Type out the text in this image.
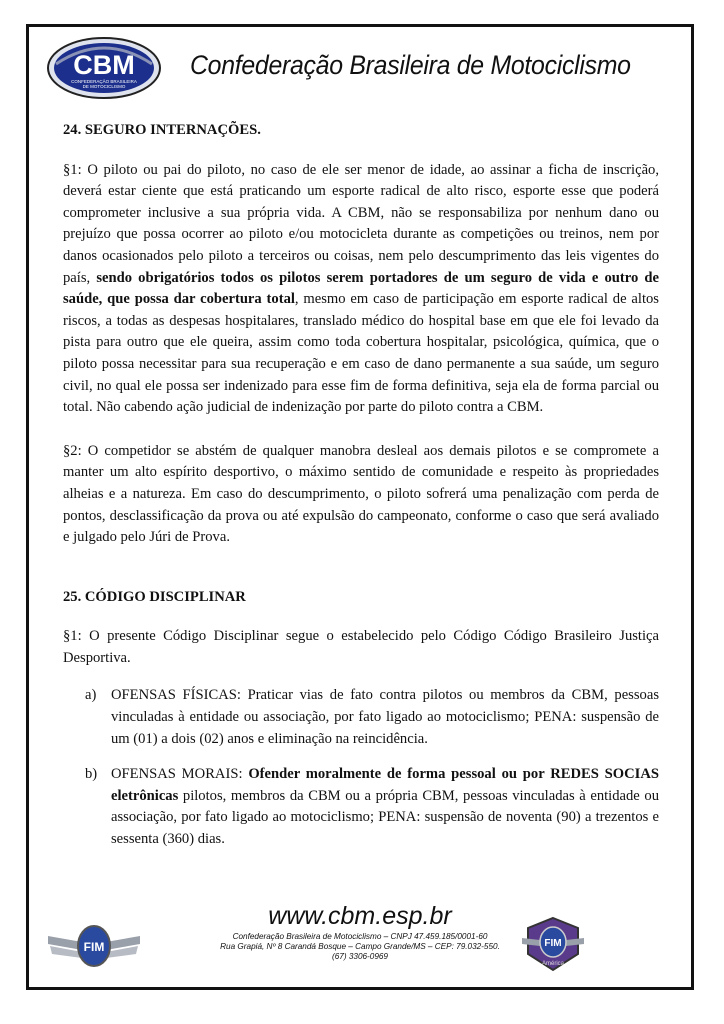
CBM
CONFEDERAÇÃO BRASILEIRA
DE MOTOCICLISMO
Confederação Brasileira de Motociclismo
24. SEGURO INTERNAÇÕES.
§1: O piloto ou pai do piloto, no caso de ele ser menor de idade, ao assinar a ficha de inscrição, deverá estar ciente que está praticando um esporte radical de alto risco, esporte esse que poderá comprometer inclusive a sua própria vida. A CBM, não se responsabiliza por nenhum dano ou prejuízo que possa ocorrer ao piloto e/ou motocicleta durante as competições ou treinos, nem por danos ocasionados pelo piloto a terceiros ou coisas, nem pelo descumprimento das leis vigentes do país, sendo obrigatórios todos os pilotos serem portadores de um seguro de vida e outro de saúde, que possa dar cobertura total, mesmo em caso de participação em esporte radical de altos riscos, a todas as despesas hospitalares, translado médico do hospital base em que ele foi levado da pista para outro que ele queira, assim como toda cobertura hospitalar, psicológica, química, que o piloto possa necessitar para sua recuperação e em caso de dano permanente a sua saúde, um seguro civil, no qual ele possa ser indenizado para esse fim de forma definitiva, seja ela de forma parcial ou total. Não cabendo ação judicial de indenização por parte do piloto contra a CBM.
§2: O competidor se abstém de qualquer manobra desleal aos demais pilotos e se compromete a manter um alto espírito desportivo, o máximo sentido de comunidade e respeito às propriedades alheias e a natureza. Em caso do descumprimento, o piloto sofrerá uma penalização com perda de pontos, desclassificação da prova ou até expulsão do campeonato, conforme o caso que será avaliado e julgado pelo Júri de Prova.
25. CÓDIGO DISCIPLINAR
§1: O presente Código Disciplinar segue o estabelecido pelo Código Código Brasileiro Justiça Desportiva.
a)	OFENSAS FÍSICAS: Praticar vias de fato contra pilotos ou membros da CBM, pessoas vinculadas à entidade ou associação, por fato ligado ao motociclismo; PENA: suspensão de um (01) a dois (02) anos e eliminação na reincidência.
b) OFENSAS MORAIS: Ofender moralmente de forma pessoal ou por REDES SOCIAS eletrônicas pilotos, membros da CBM ou a própria CBM, pessoas vinculadas à entidade ou associação, por fato ligado ao motociclismo; PENA: suspensão de noventa (90) a trezentos e sessenta (360) dias.
FIM
www.cbm.esp.br
Confederação Brasileira de Motociclismo – CNPJ 47.459.185/0001-60
Rua Grapiá, Nº 8 Carandá Bosque – Campo Grande/MS – CEP: 79.032-550.
(67) 3306-0969
FIM
América
